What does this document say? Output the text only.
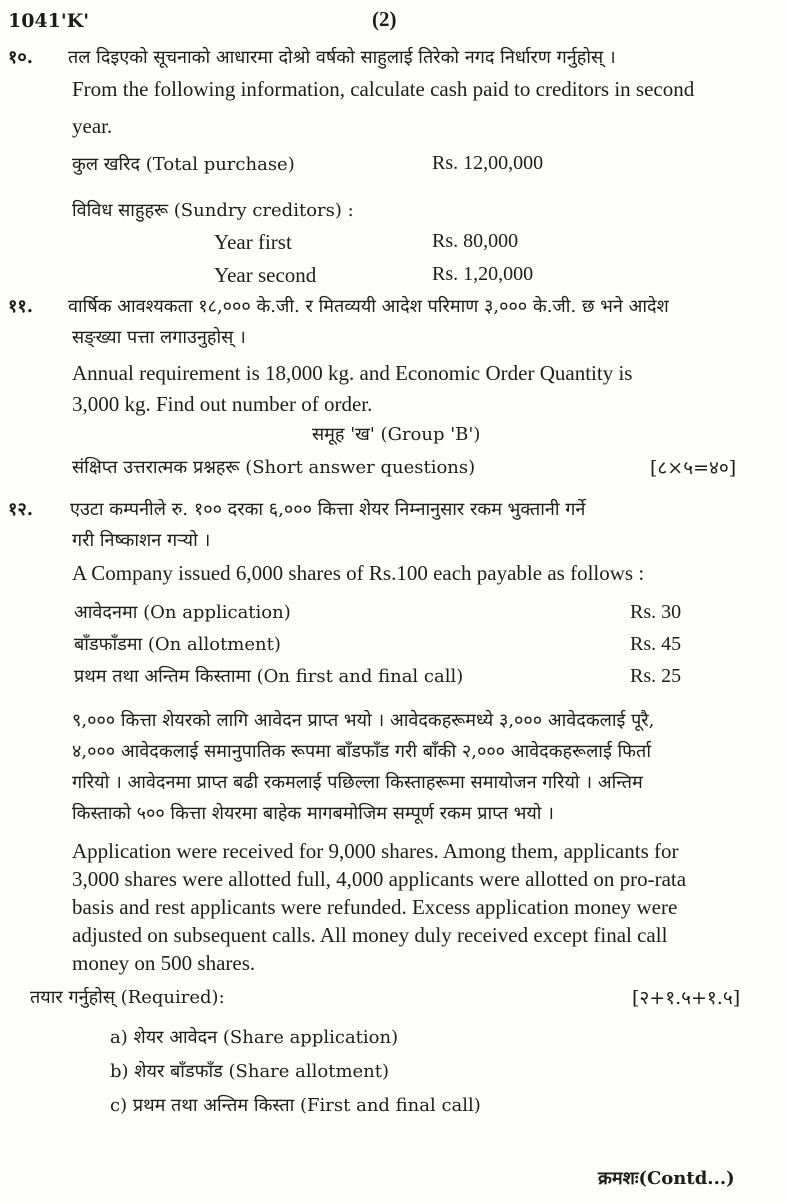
1041'K'	(2)
१०. तल दिइएको सूचनाको आधारमा दोश्रो वर्षको साहुलाई तिरेको नगद निर्धारण गर्नुहोस् ।
From the following information, calculate cash paid to creditors in second
year.
कुल खरिद (Total purchase)	Rs. 12,00,000
विविध साहुहरू (Sundry creditors) :
Year first	Rs. 80,000
Year second	Rs. 1,20,000
११. वार्षिक आवश्यकता १८,००० के.जी. र मितव्ययी आदेश परिमाण ३,००० के.जी. छ भने आदेश
सङ्ख्या पत्ता लगाउनुहोस् ।
Annual requirement is 18,000 kg. and Economic Order Quantity is
3,000 kg. Find out number of order.
समूह 'ख' (Group 'B')
संक्षिप्त उत्तरात्मक प्रश्नहरू (Short answer questions)	[८×५=४०]
१२. एउटा कम्पनीले रु. १०० दरका ६,००० कित्ता शेयर निम्नानुसार रकम भुक्तानी गर्ने
गरी निष्काशन गऱ्यो ।
A Company issued 6,000 shares of Rs.100 each payable as follows :
आवेदनमा (On application)	Rs. 30
बाँडफाँडमा (On allotment)	Rs. 45
प्रथम तथा अन्तिम किस्तामा (On first and final call)	Rs. 25
९,००० कित्ता शेयरको लागि आवेदन प्राप्त भयो । आवेदकहरूमध्ये ३,००० आवेदकलाई पूरै,
४,००० आवेदकलाई समानुपातिक रूपमा बाँडफाँड गरी बाँकी २,००० आवेदकहरूलाई फिर्ता
गरियो । आवेदनमा प्राप्त बढी रकमलाई पछिल्ला किस्ताहरूमा समायोजन गरियो । अन्तिम
किस्ताको ५०० कित्ता शेयरमा बाहेक मागबमोजिम सम्पूर्ण रकम प्राप्त भयो ।
Application were received for 9,000 shares. Among them, applicants for
3,000 shares were allotted full, 4,000 applicants were allotted on pro-rata
basis and rest applicants were refunded. Excess application money were
adjusted on subsequent calls. All money duly received except final call
money on 500 shares.
तयार गर्नुहोस् (Required):	[२+१.५+१.५]
a) शेयर आवेदन (Share application)
b) शेयर बाँडफाँड (Share allotment)
c) प्रथम तथा अन्तिम किस्ता (First and final call)
क्रमशः(Contd...)
